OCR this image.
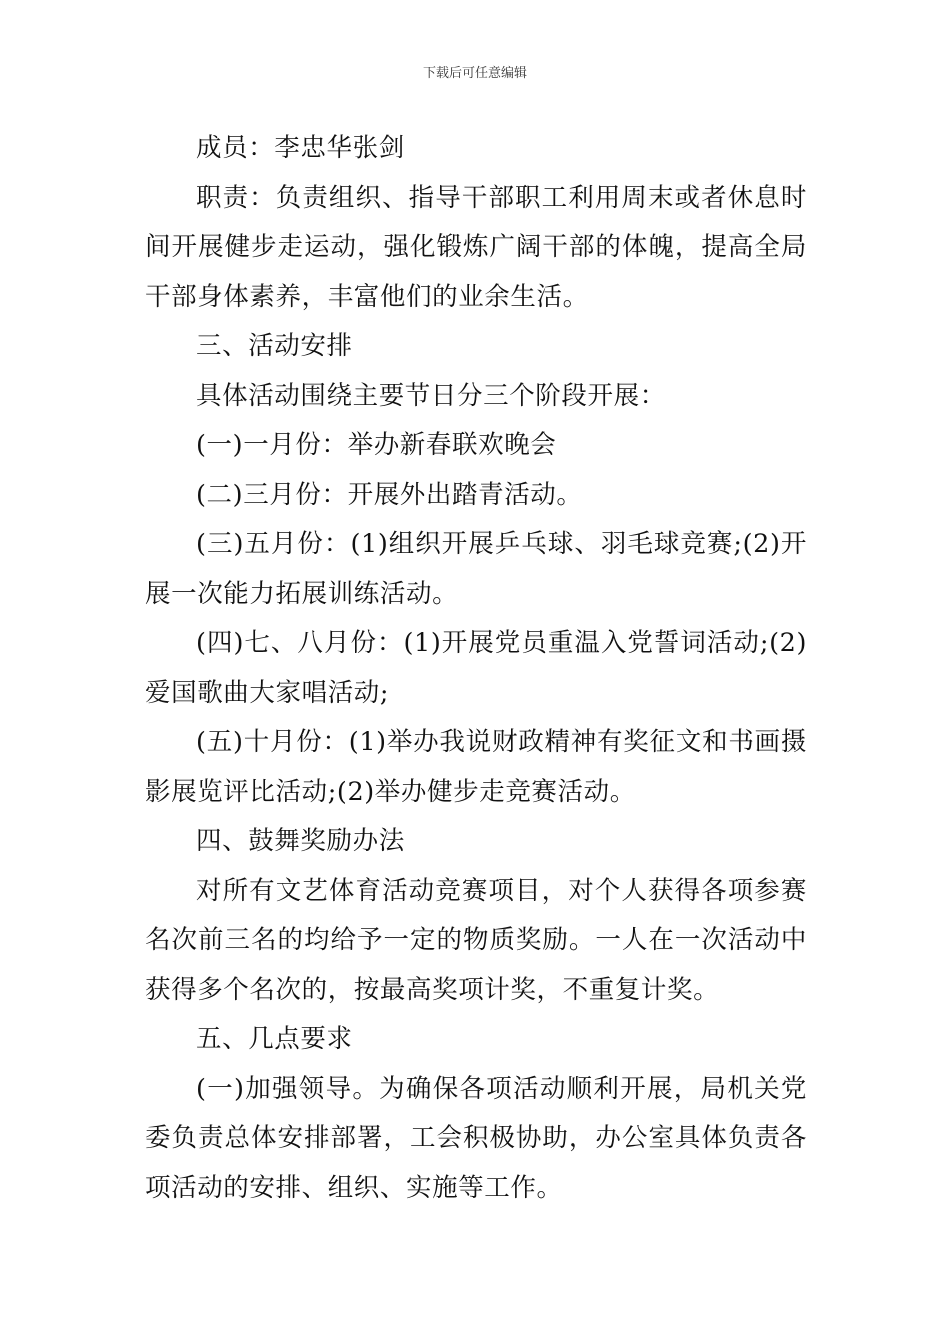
下载后可任意编辑

成员：李忠华张剑

职责：负责组织、指导干部职工利用周末或者休息时间开展健步走运动，强化锻炼广阔干部的体魄，提高全局干部身体素养，丰富他们的业余生活。

三、活动安排

具体活动围绕主要节日分三个阶段开展：

(一)一月份：举办新春联欢晚会

(二)三月份：开展外出踏青活动。

(三)五月份：(1)组织开展乒乓球、羽毛球竞赛;(2)开展一次能力拓展训练活动。

(四)七、八月份：(1)开展党员重温入党誓词活动;(2)爱国歌曲大家唱活动;

(五)十月份：(1)举办我说财政精神有奖征文和书画摄影展览评比活动;(2)举办健步走竞赛活动。

四、鼓舞奖励办法

对所有文艺体育活动竞赛项目，对个人获得各项参赛名次前三名的均给予一定的物质奖励。一人在一次活动中获得多个名次的，按最高奖项计奖，不重复计奖。

五、几点要求

(一)加强领导。为确保各项活动顺利开展，局机关党委负责总体安排部署，工会积极协助，办公室具体负责各项活动的安排、组织、实施等工作。
